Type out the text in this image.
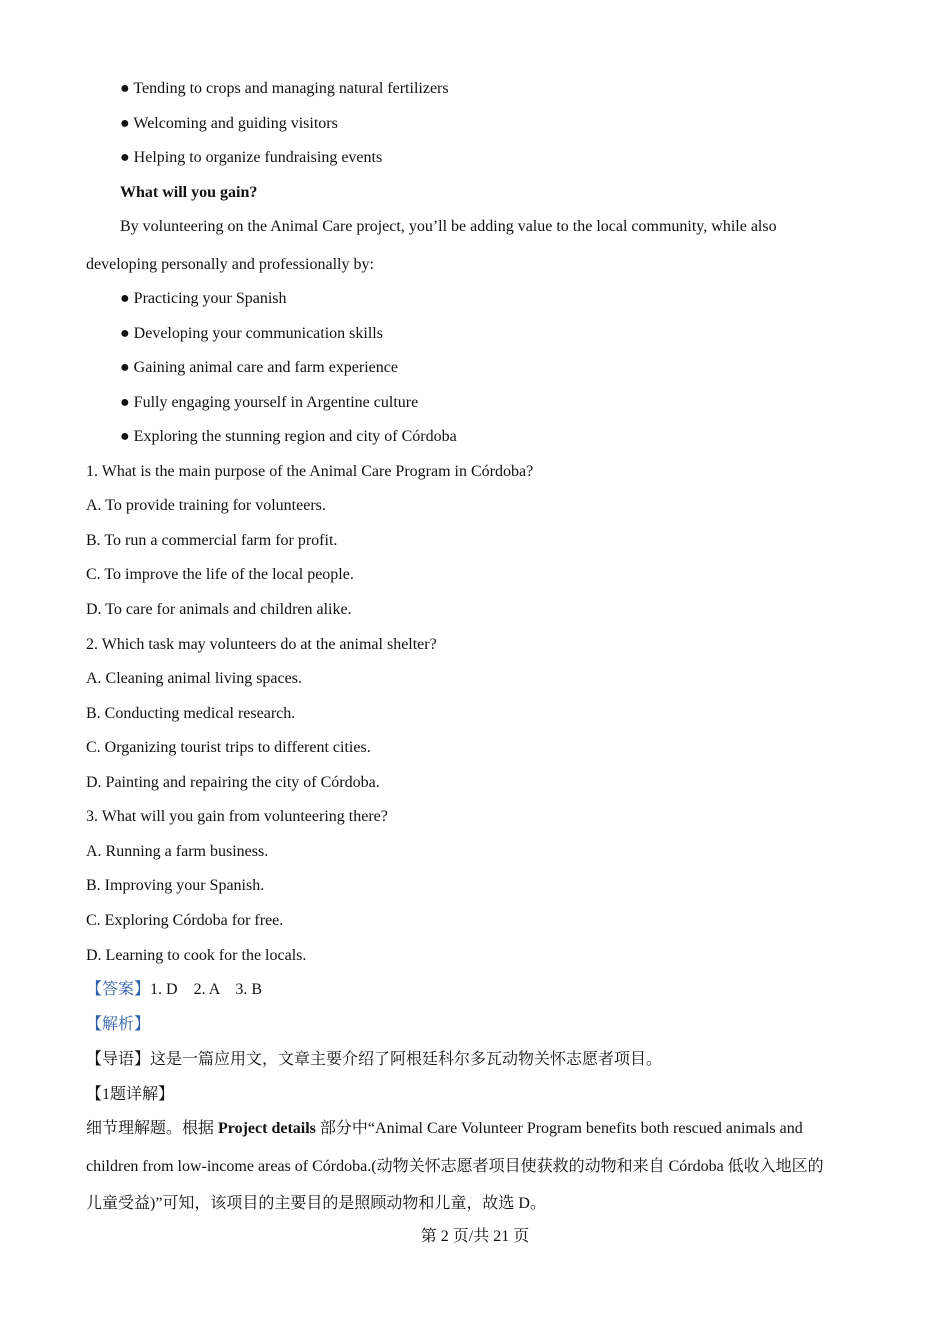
● Tending to crops and managing natural fertilizers
● Welcoming and guiding visitors
● Helping to organize fundraising events
What will you gain?
By volunteering on the Animal Care project, you’ll be adding value to the local community, while also
developing personally and professionally by:
● Practicing your Spanish
● Developing your communication skills
● Gaining animal care and farm experience
● Fully engaging yourself in Argentine culture
● Exploring the stunning region and city of Córdoba
1. What is the main purpose of the Animal Care Program in Córdoba?
A. To provide training for volunteers.
B. To run a commercial farm for profit.
C. To improve the life of the local people.
D. To care for animals and children alike.
2. Which task may volunteers do at the animal shelter?
A. Cleaning animal living spaces.
B. Conducting medical research.
C. Organizing tourist trips to different cities.
D. Painting and repairing the city of Córdoba.
3. What will you gain from volunteering there?
A. Running a farm business.
B. Improving your Spanish.
C. Exploring Córdoba for free.
D. Learning to cook for the locals.
【答案】1. D    2. A    3. B
【解析】
【导语】这是一篇应用文，文章主要介绍了阿根廷科尔多瓦动物关怀志愿者项目。
【1题详解】
细节理解题。根据 Project details 部分中“Animal Care Volunteer Program benefits both rescued animals and
children from low-income areas of Córdoba.(动物关怀志愿者项目使获救的动物和来自 Córdoba 低收入地区的
儿童受益)”可知，该项目的主要目的是照顾动物和儿童，故选 D。
第 2 页/共 21 页
